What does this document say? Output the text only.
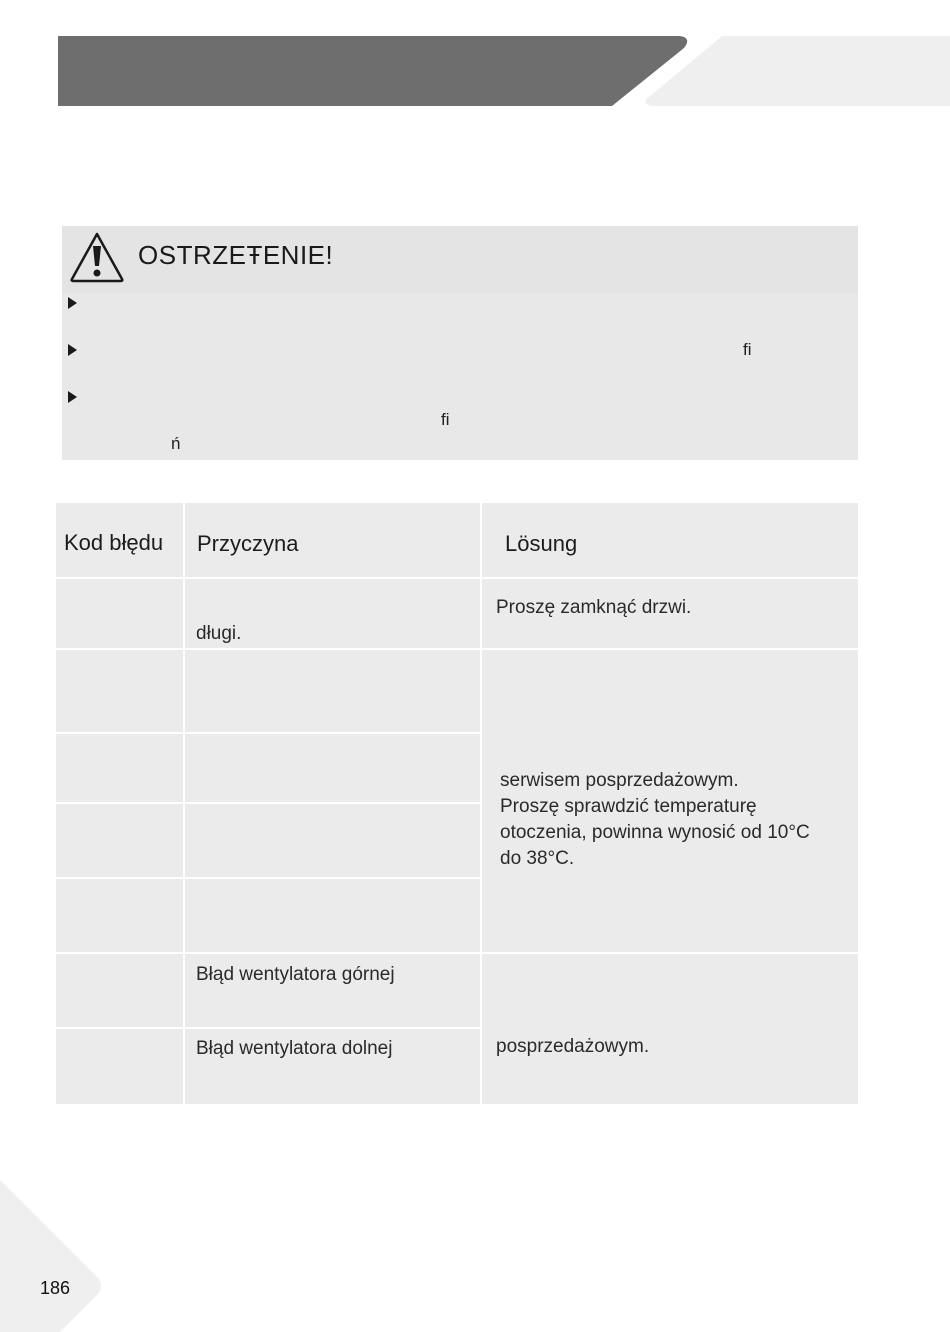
OSTRZEŦENIE!
ﬁ
ﬁ
ń
Kod błędu Przyczyna	Lösung
długi.
Proszę zamknąć drzwi.
serwisem posprzedażowym.
Proszę sprawdzić temperaturę
otoczenia, powinna wynosić od 10°C
do 38°C.
Błąd wentylatora górnej
Błąd wentylatora dolnej	posprzedażowym.
186
